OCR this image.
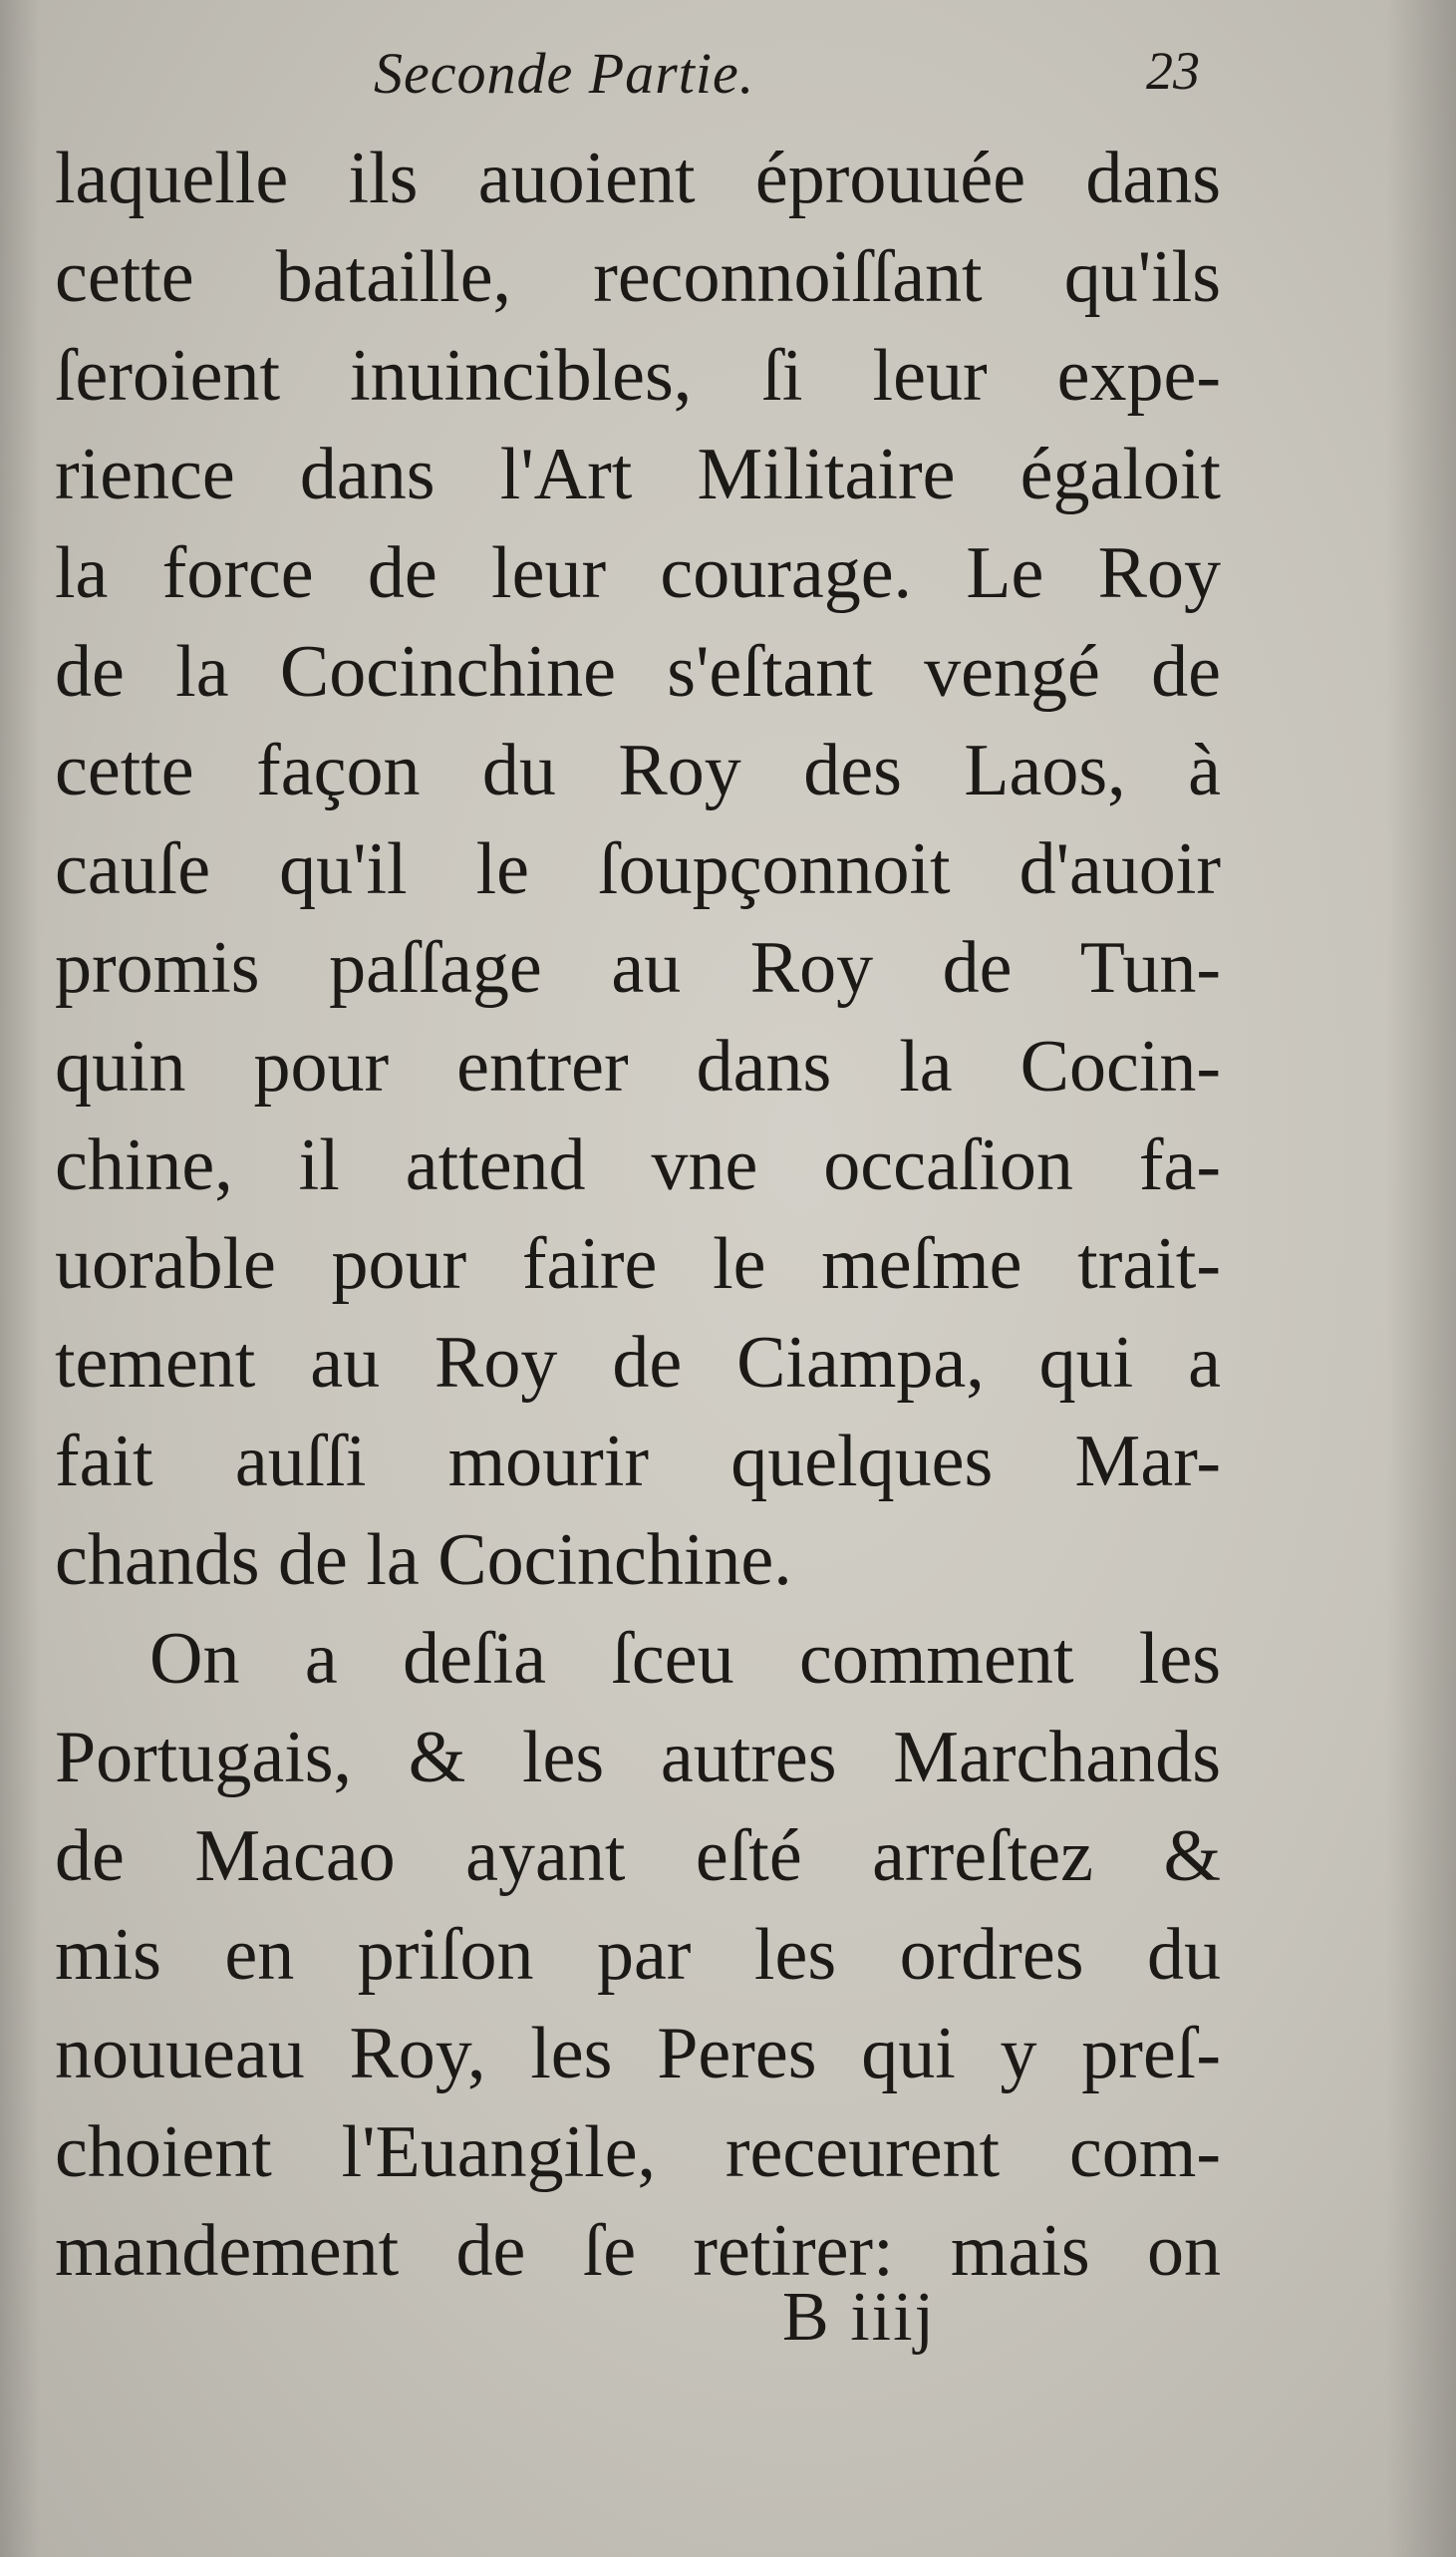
Seconde Partie.	23
laquelle ils auoient éprouuée dans
cette bataille, reconnoiſſant qu'ils
ſeroient inuincibles, ſi leur expe-
rience dans l'Art Militaire égaloit
la force de leur courage. Le Roy
de la Cocinchine s'eſtant vengé de
cette façon du Roy des Laos, à
cauſe qu'il le ſoupçonnoit d'auoir
promis paſſage au Roy de Tun-
quin pour entrer dans la Cocin-
chine, il attend vne occaſion fa-
uorable pour faire le meſme trait-
tement au Roy de Ciampa, qui a
fait auſſi mourir quelques Mar-
chands de la Cocinchine.
On a deſia ſceu comment les
Portugais, & les autres Marchands
de Macao ayant eſté arreſtez &
mis en priſon par les ordres du
nouueau Roy, les Peres qui y preſ-
choient l'Euangile, receurent com-
mandement de ſe retirer: mais on
B iiij
